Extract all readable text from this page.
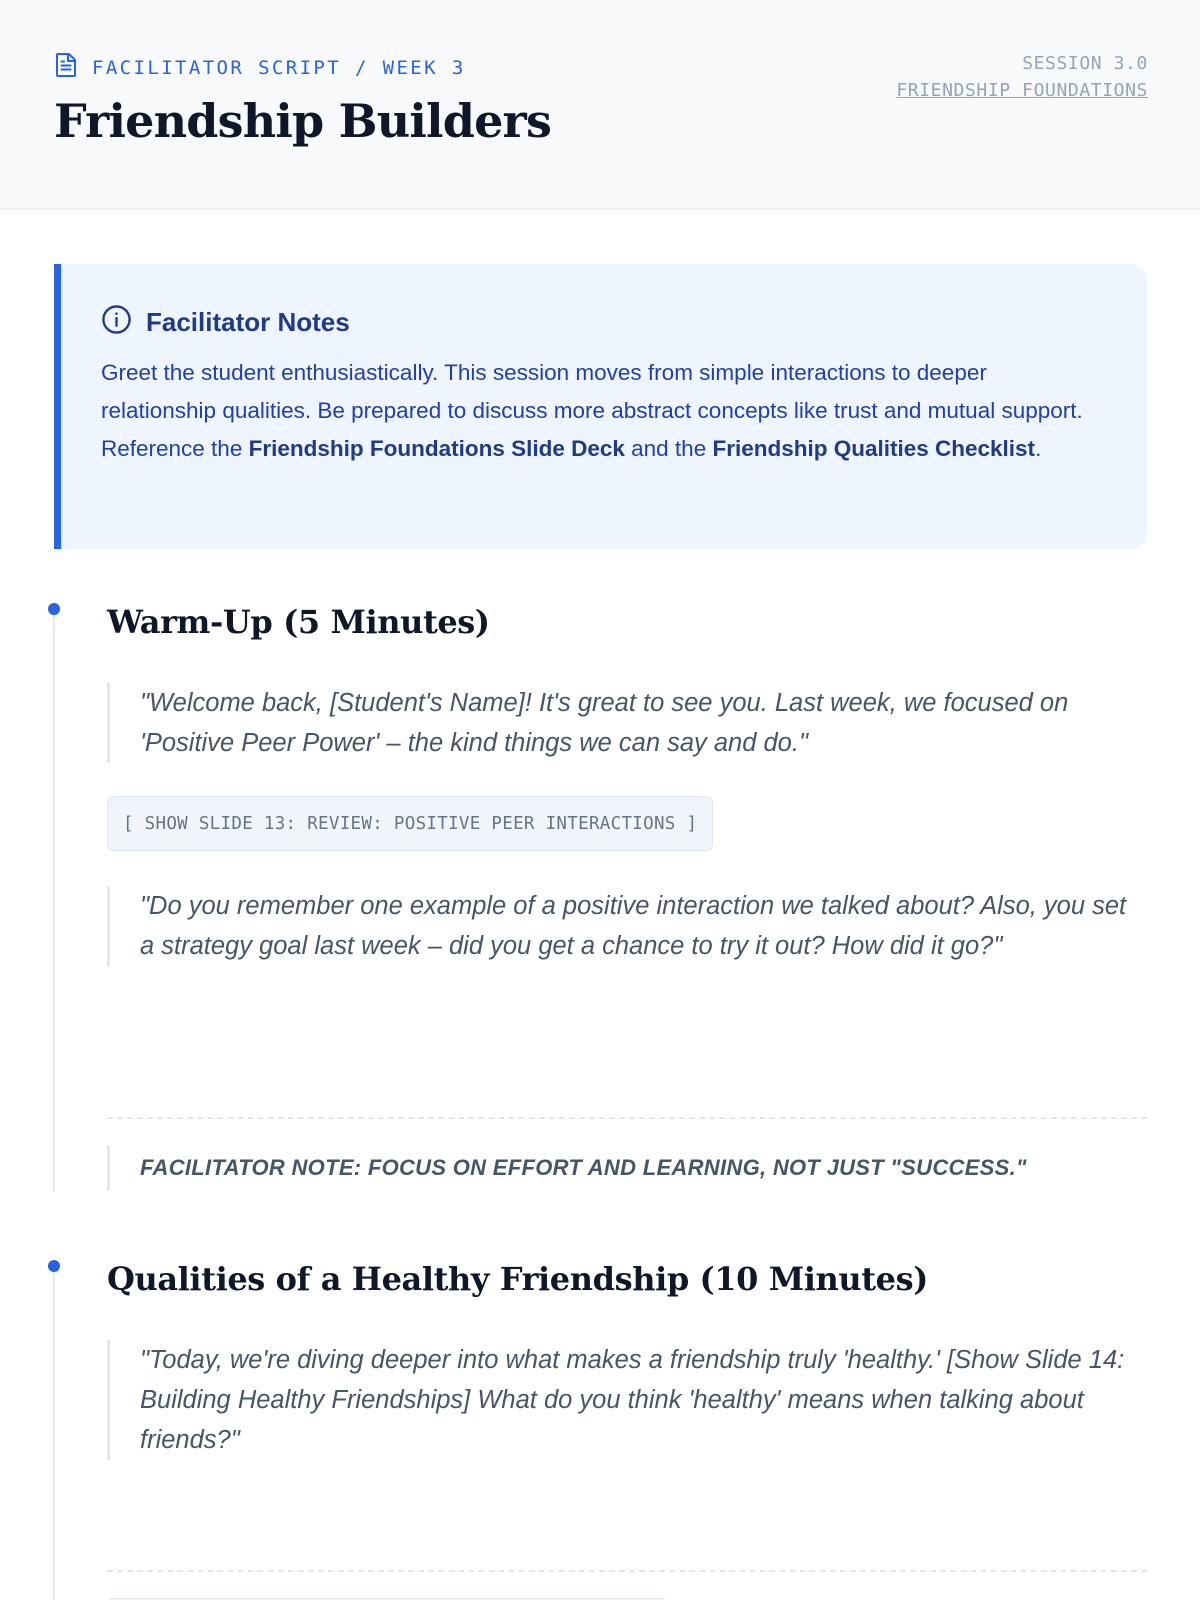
FACILITATOR SCRIPT / WEEK 3
Friendship Builders
SESSION 3.0
FRIENDSHIP FOUNDATIONS
Facilitator Notes

Greet the student enthusiastically. This session moves from simple interactions to deeper relationship qualities. Be prepared to discuss more abstract concepts like trust and mutual support. Reference the Friendship Foundations Slide Deck and the Friendship Qualities Checklist.

Warm-Up (5 Minutes)
"Welcome back, [Student's Name]! It's great to see you. Last week, we focused on 'Positive Peer Power' – the kind things we can say and do."
[ SHOW SLIDE 13: REVIEW: POSITIVE PEER INTERACTIONS ]
"Do you remember one example of a positive interaction we talked about? Also, you set a strategy goal last week – did you get a chance to try it out? How did it go?"
FACILITATOR NOTE: FOCUS ON EFFORT AND LEARNING, NOT JUST "SUCCESS."
Qualities of a Healthy Friendship (10 Minutes)
"Today, we're diving deeper into what makes a friendship truly 'healthy.' [Show Slide 14: Building Healthy Friendships] What do you think 'healthy' means when talking about friends?"
